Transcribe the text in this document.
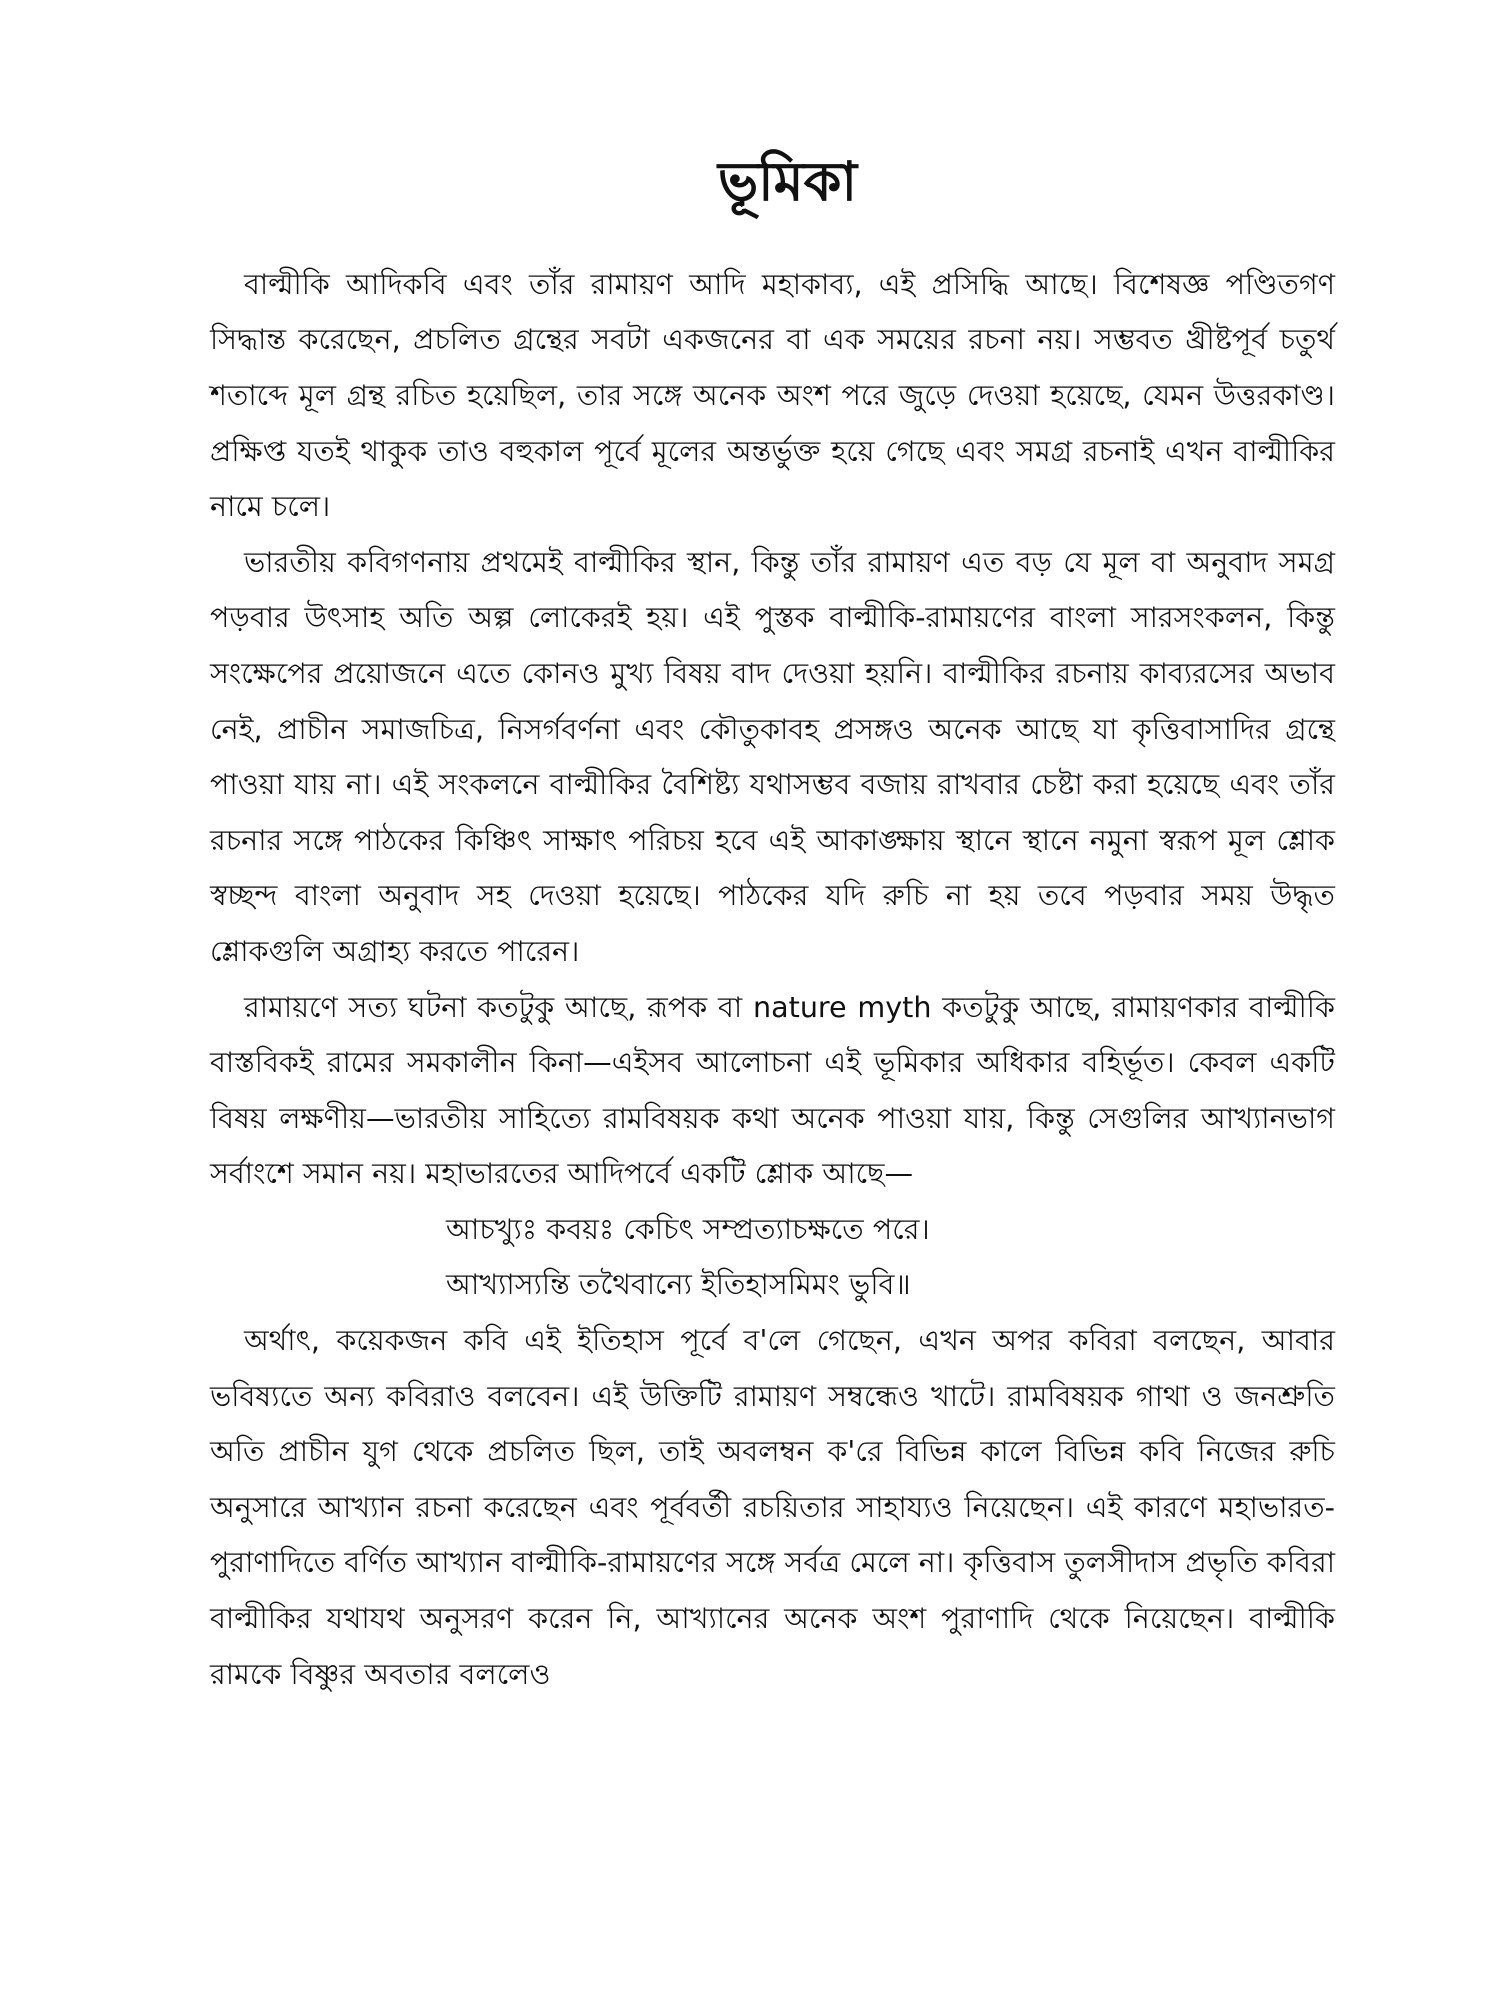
ভূমিকা

বাল্মীকি আদিকবি এবং তাঁর রামায়ণ আদি মহাকাব্য, এই প্রসিদ্ধি আছে। বিশেষজ্ঞ পণ্ডিতগণ সিদ্ধান্ত করেছেন, প্রচলিত গ্রন্থের সবটা একজনের বা এক সময়ের রচনা নয়। সম্ভবত খ্রীষ্টপূর্ব চতুর্থ শতাব্দে মূল গ্রন্থ রচিত হয়েছিল, তার সঙ্গে অনেক অংশ পরে জুড়ে দেওয়া হয়েছে, যেমন উত্তরকাণ্ড। প্রক্ষিপ্ত যতই থাকুক তাও বহুকাল পূর্বে মূলের অন্তর্ভুক্ত হয়ে গেছে এবং সমগ্র রচনাই এখন বাল্মীকির নামে চলে।

ভারতীয় কবিগণনায় প্রথমেই বাল্মীকির স্থান, কিন্তু তাঁর রামায়ণ এত বড় যে মূল বা অনুবাদ সমগ্র পড়বার উৎসাহ অতি অল্প লোকেরই হয়। এই পুস্তক বাল্মীকি-রামায়ণের বাংলা সারসংকলন, কিন্তু সংক্ষেপের প্রয়োজনে এতে কোনও মুখ্য বিষয় বাদ দেওয়া হয়নি। বাল্মীকির রচনায় কাব্যরসের অভাব নেই, প্রাচীন সমাজচিত্র, নিসর্গবর্ণনা এবং কৌতুকাবহ প্রসঙ্গও অনেক আছে যা কৃত্তিবাসাদির গ্রন্থে পাওয়া যায় না। এই সংকলনে বাল্মীকির বৈশিষ্ট্য যথাসম্ভব বজায় রাখবার চেষ্টা করা হয়েছে এবং তাঁর রচনার সঙ্গে পাঠকের কিঞ্চিৎ সাক্ষাৎ পরিচয় হবে এই আকাঙ্ক্ষায় স্থানে স্থানে নমুনা স্বরূপ মূল শ্লোক স্বচ্ছন্দ বাংলা অনুবাদ সহ দেওয়া হয়েছে। পাঠকের যদি রুচি না হয় তবে পড়বার সময় উদ্ধৃত শ্লোকগুলি অগ্রাহ্য করতে পারেন।

রামায়ণে সত্য ঘটনা কতটুকু আছে, রূপক বা nature myth কতটুকু আছে, রামায়ণকার বাল্মীকি বাস্তবিকই রামের সমকালীন কিনা—এইসব আলোচনা এই ভূমিকার অধিকার বহির্ভূত। কেবল একটি বিষয় লক্ষণীয়—ভারতীয় সাহিত্যে রামবিষয়ক কথা অনেক পাওয়া যায়, কিন্তু সেগুলির আখ্যানভাগ সর্বাংশে সমান নয়। মহাভারতের আদিপর্বে একটি শ্লোক আছে—

আচখ্যুঃ কবয়ঃ কেচিৎ সম্প্রত্যাচক্ষতে পরে।

আখ্যাস্যন্তি তথৈবান্যে ইতিহাসমিমং ভুবি॥

অর্থাৎ, কয়েকজন কবি এই ইতিহাস পূর্বে ব'লে গেছেন, এখন অপর কবিরা বলছেন, আবার ভবিষ্যতে অন্য কবিরাও বলবেন। এই উক্তিটি রামায়ণ সম্বন্ধেও খাটে। রামবিষয়ক গাথা ও জনশ্রুতি অতি প্রাচীন যুগ থেকে প্রচলিত ছিল, তাই অবলম্বন ক'রে বিভিন্ন কালে বিভিন্ন কবি নিজের রুচি অনুসারে আখ্যান রচনা করেছেন এবং পূর্ববর্তী রচয়িতার সাহায্যও নিয়েছেন। এই কারণে মহাভারত-পুরাণাদিতে বর্ণিত আখ্যান বাল্মীকি-রামায়ণের সঙ্গে সর্বত্র মেলে না। কৃত্তিবাস তুলসীদাস প্রভৃতি কবিরা বাল্মীকির যথাযথ অনুসরণ করেন নি, আখ্যানের অনেক অংশ পুরাণাদি থেকে নিয়েছেন। বাল্মীকি রামকে বিষ্ণুর অবতার বললেও
